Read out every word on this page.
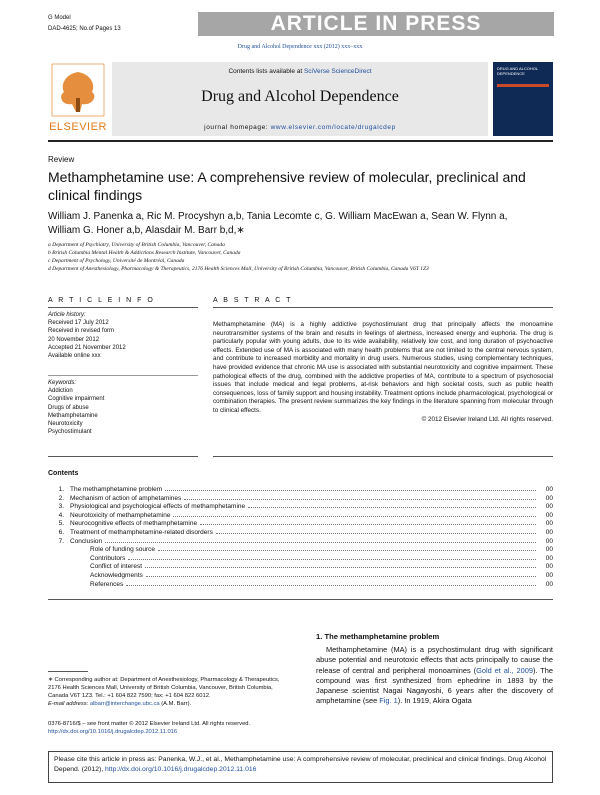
G Model
DAD-4625; No.of Pages 13	ARTICLE IN PRESS
Drug and Alcohol Dependence xxx (2012) xxx–xxx
ELSEVIER
Contents lists available at SciVerse ScienceDirect
Drug and Alcohol Dependence
journal homepage: www.elsevier.com/locate/drugalcdep
DRUG AND ALCOHOL DEPENDENCE
Review
Methamphetamine use: A comprehensive review of molecular, preclinical and clinical findings
William J. Panenka a, Ric M. Procyshyn a,b, Tania Lecomte c, G. William MacEwan a, Sean W. Flynn a,
William G. Honer a,b, Alasdair M. Barr b,d,∗
a Department of Psychiatry, University of British Columbia, Vancouver, Canada
b British Columbia Mental Health & Addictions Research Institute, Vancouver, Canada
c Department of Psychology, Université de Montréal, Canada
d Department of Anesthesiology, Pharmacology & Therapeutics, 2176 Health Sciences Mall, University of British Columbia, Vancouver, British Columbia, Canada V6T 1Z3
A R T I C L E I N F O	A B S T R A C T
Article history:
Received 17 July 2012
Received in revised form
20 November 2012
Accepted 21 November 2012
Available online xxx
Keywords:
Addiction
Cognitive impairment
Drugs of abuse
Methamphetamine
Neurotoxicity
Psychostimulant
Methamphetamine (MA) is a highly addictive psychostimulant drug that principally affects the monoamine neurotransmitter systems of the brain and results in feelings of alertness, increased energy and euphoria. The drug is particularly popular with young adults, due to its wide availability, relatively low cost, and long duration of psychoactive effects. Extended use of MA is associated with many health problems that are not limited to the central nervous system, and contribute to increased morbidity and mortality in drug users. Numerous studies, using complementary techniques, have provided evidence that chronic MA use is associated with substantial neurotoxicity and cognitive impairment. These pathological effects of the drug, combined with the addictive properties of MA, contribute to a spectrum of psychosocial issues that include medical and legal problems, at-risk behaviors and high societal costs, such as public health consequences, loss of family support and housing instability. Treatment options include pharmacological, psychological or combination therapies. The present review summarizes the key findings in the literature spanning from molecular through to clinical effects.
© 2012 Elsevier Ireland Ltd. All rights reserved.
Contents
1. The methamphetamine problem	00
2. Mechanism of action of amphetamines	00
3. Physiological and psychological effects of methamphetamine	00
4. Neurotoxicity of methamphetamine	00
5. Neurocognitive effects of methamphetamine	00
6. Treatment of methamphetamine-related disorders	00
7. Conclusion	00
Role of funding source	00
Contributors	00
Conflict of interest	00
Acknowledgments	00
References	00
1. The methamphetamine problem
Methamphetamine (MA) is a psychostimulant drug with significant abuse potential and neurotoxic effects that acts principally to cause the release of central and peripheral monoamines (Gold et al., 2009). The compound was first synthesized from ephedrine in 1893 by the Japanese scientist Nagai Nagayoshi, 6 years after the discovery of amphetamine (see Fig. 1). In 1919, Akira Ogata
∗ Corresponding author at: Department of Anesthesiology, Pharmacology & Therapeutics, 2176 Health Sciences Mall, University of British Columbia, Vancouver, British Columbia, Canada V6T 1Z3. Tel.: +1 604 822 7590; fax: +1 604 822 6012.
E-mail address: albarr@interchange.ubc.ca (A.M. Barr).
0376-8716/$ – see front matter © 2012 Elsevier Ireland Ltd. All rights reserved.
http://dx.doi.org/10.1016/j.drugalcdep.2012.11.016
Please cite this article in press as: Panenka, W.J., et al., Methamphetamine use: A comprehensive review of molecular, preclinical and clinical findings. Drug Alcohol Depend. (2012), http://dx.doi.org/10.1016/j.drugalcdep.2012.11.016
